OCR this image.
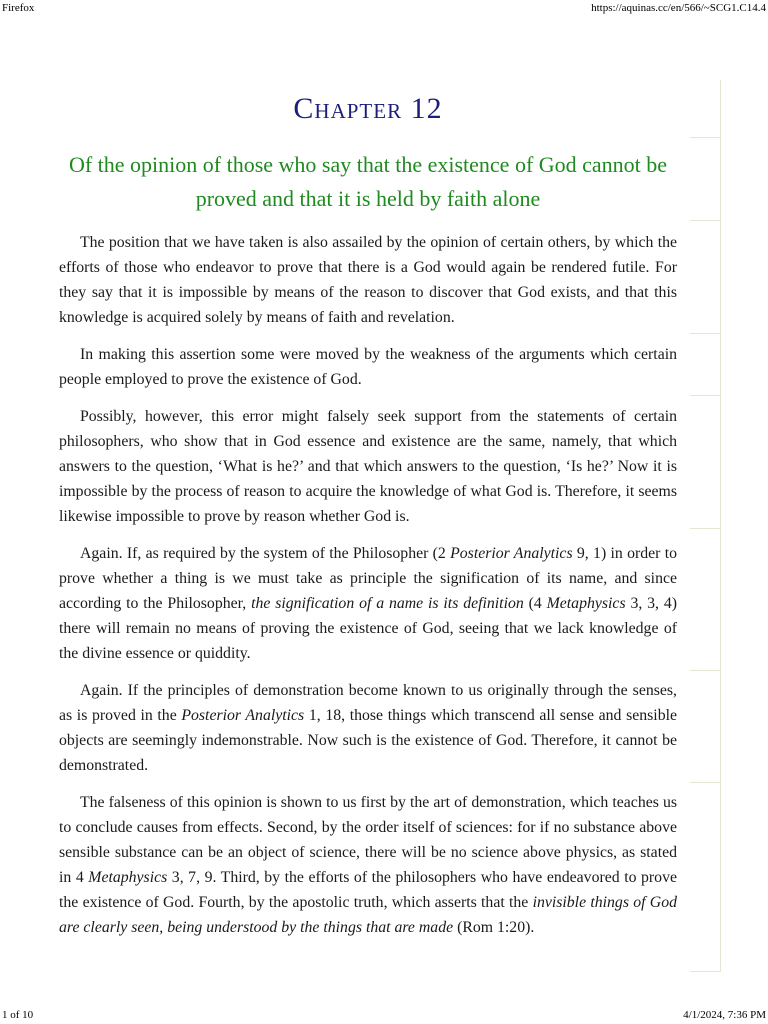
Firefox	https://aquinas.cc/en/566/~SCG1.C14.4
Chapter 12
Of the opinion of those who say that the existence of God cannot be proved and that it is held by faith alone

The position that we have taken is also assailed by the opinion of certain others, by which the efforts of those who endeavor to prove that there is a God would again be rendered futile. For they say that it is impossible by means of the reason to discover that God exists, and that this knowledge is acquired solely by means of faith and revelation.

In making this assertion some were moved by the weakness of the arguments which certain people employed to prove the existence of God.

Possibly, however, this error might falsely seek support from the statements of certain philosophers, who show that in God essence and existence are the same, namely, that which answers to the question, ‘What is he?’ and that which answers to the question, ‘Is he?’ Now it is impossible by the process of reason to acquire the knowledge of what God is. Therefore, it seems likewise impossible to prove by reason whether God is.

Again. If, as required by the system of the Philosopher (2 Posterior Analytics 9, 1) in order to prove whether a thing is we must take as principle the signification of its name, and since according to the Philosopher, the signification of a name is its definition (4 Metaphysics 3, 3, 4) there will remain no means of proving the existence of God, seeing that we lack knowledge of the divine essence or quiddity.

Again. If the principles of demonstration become known to us originally through the senses, as is proved in the Posterior Analytics 1, 18, those things which transcend all sense and sensible objects are seemingly indemonstrable. Now such is the existence of God. Therefore, it cannot be demonstrated.

The falseness of this opinion is shown to us first by the art of demonstration, which teaches us to conclude causes from effects. Second, by the order itself of sciences: for if no substance above sensible substance can be an object of science, there will be no science above physics, as stated in 4 Metaphysics 3, 7, 9. Third, by the efforts of the philosophers who have endeavored to prove the existence of God. Fourth, by the apostolic truth, which asserts that the invisible things of God are clearly seen, being understood by the things that are made (Rom 1:20).

1 of 10	4/1/2024, 7:36 PM
